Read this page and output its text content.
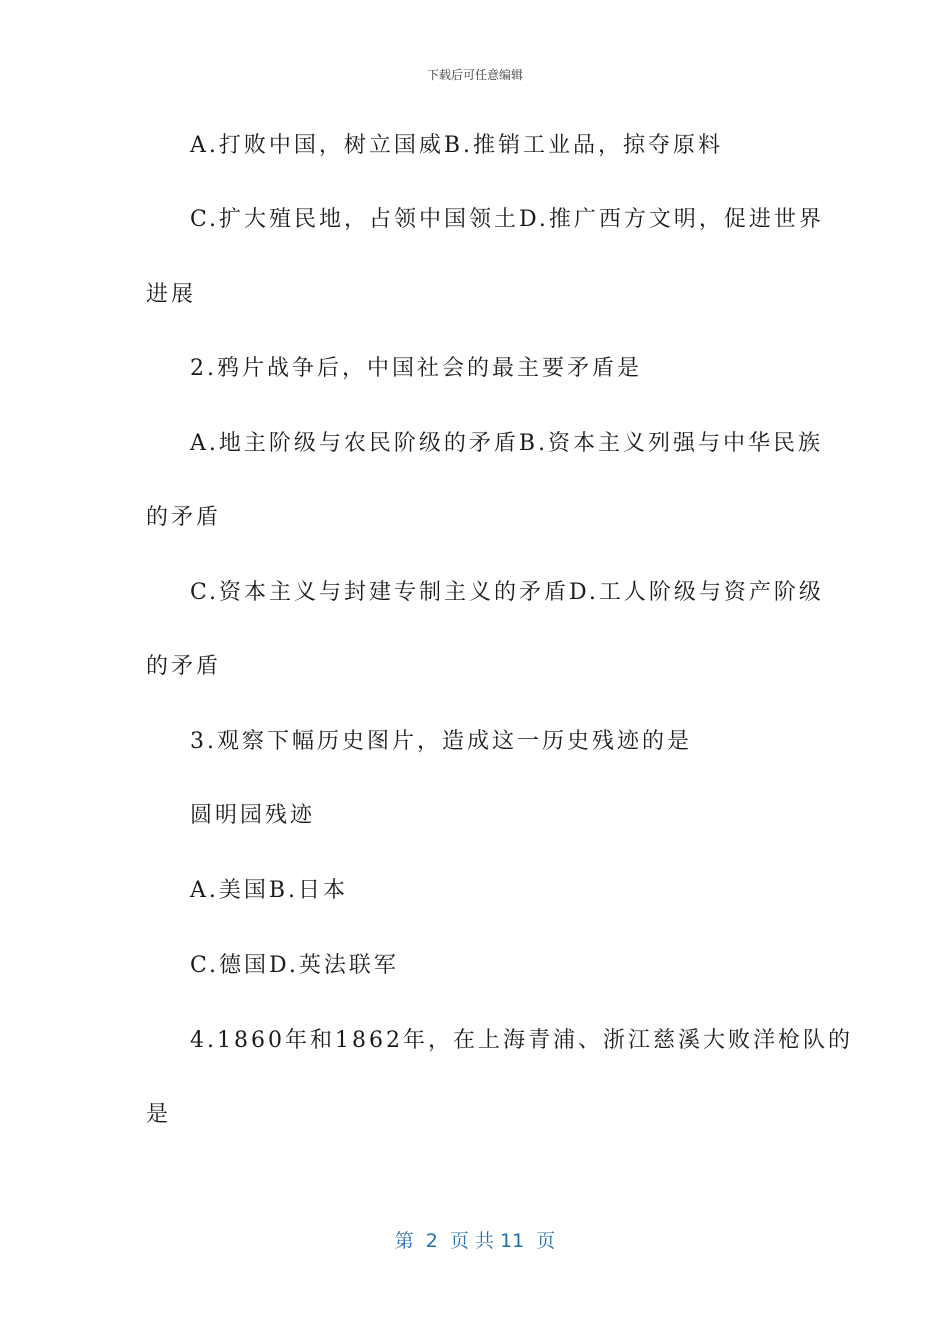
下载后可任意编辑
A.打败中国，树立国威B.推销工业品，掠夺原料
C.扩大殖民地，占领中国领土D.推广西方文明，促进世界
进展
2.鸦片战争后，中国社会的最主要矛盾是
A.地主阶级与农民阶级的矛盾B.资本主义列强与中华民族
的矛盾
C.资本主义与封建专制主义的矛盾D.工人阶级与资产阶级
的矛盾
3.观察下幅历史图片，造成这一历史残迹的是
圆明园残迹
A.美国B.日本
C.德国D.英法联军
4.1860年和1862年，在上海青浦、浙江慈溪大败洋枪队的
是
第  2  页 共 11  页
